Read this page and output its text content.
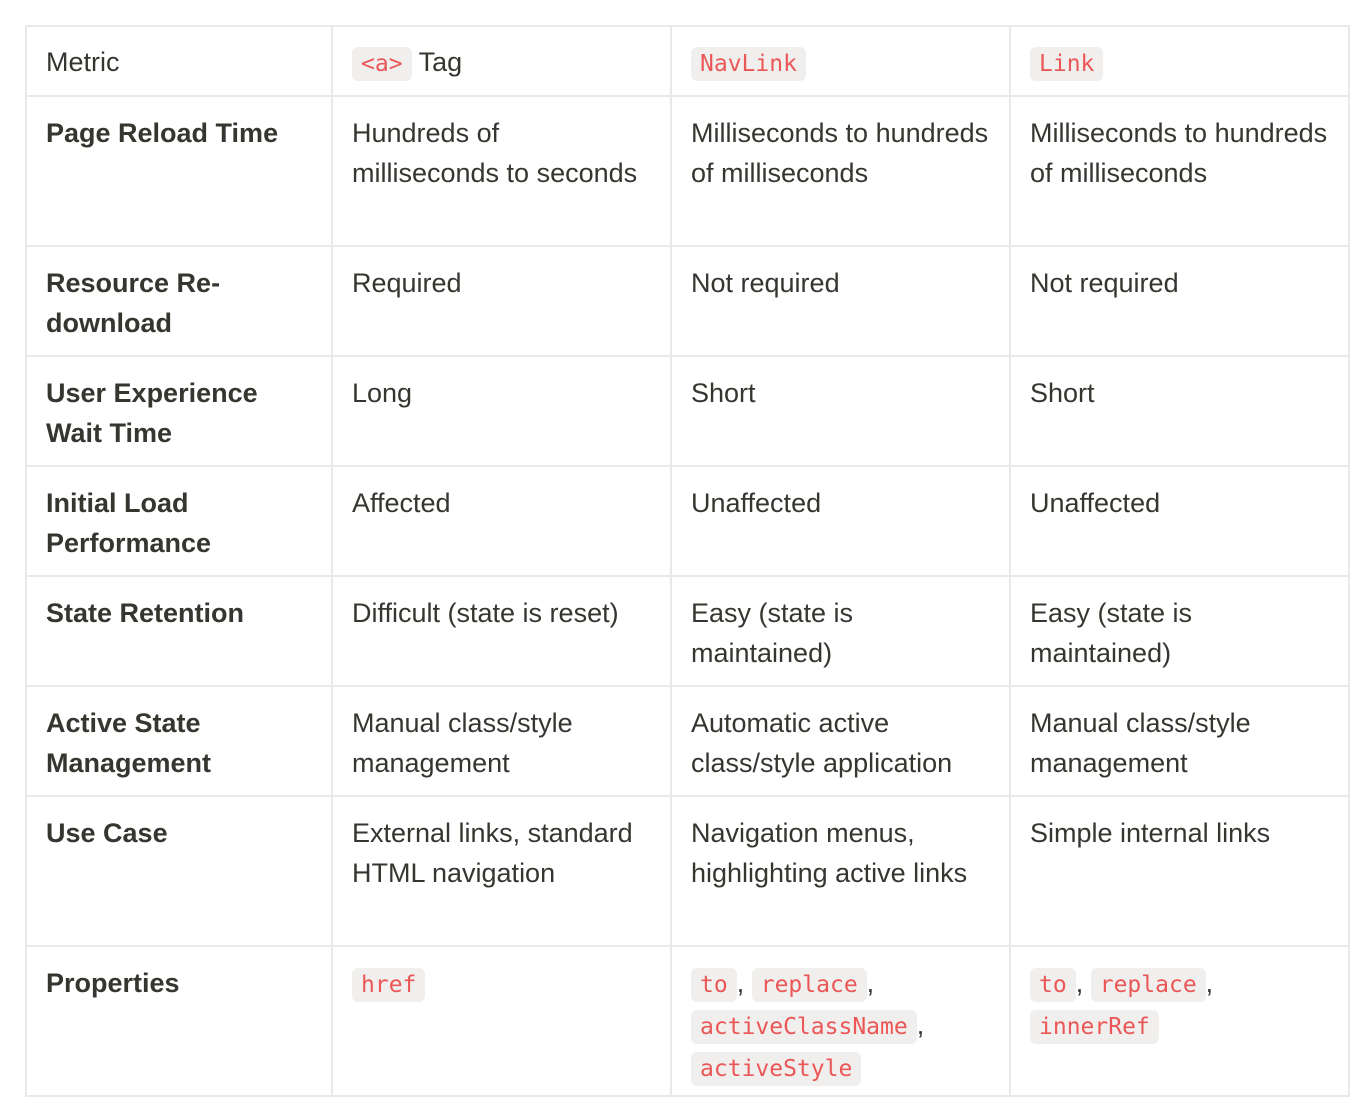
Metric	<a> Tag	NavLink	Link
Page Reload Time	Hundreds of milliseconds to seconds	Milliseconds to hundreds of milliseconds	Milliseconds to hundreds of milliseconds
Resource Re-download	Required	Not required	Not required
User Experience Wait Time	Long	Short	Short
Initial Load Performance	Affected	Unaffected	Unaffected
State Retention	Difficult (state is reset)	Easy (state is maintained)	Easy (state is maintained)
Active State Management	Manual class/style management	Automatic active class/style application	Manual class/style management
Use Case	External links, standard HTML navigation	Navigation menus, highlighting active links	Simple internal links
Properties	href	to , replace , activeClassName , activeStyle	to , replace , innerRef
